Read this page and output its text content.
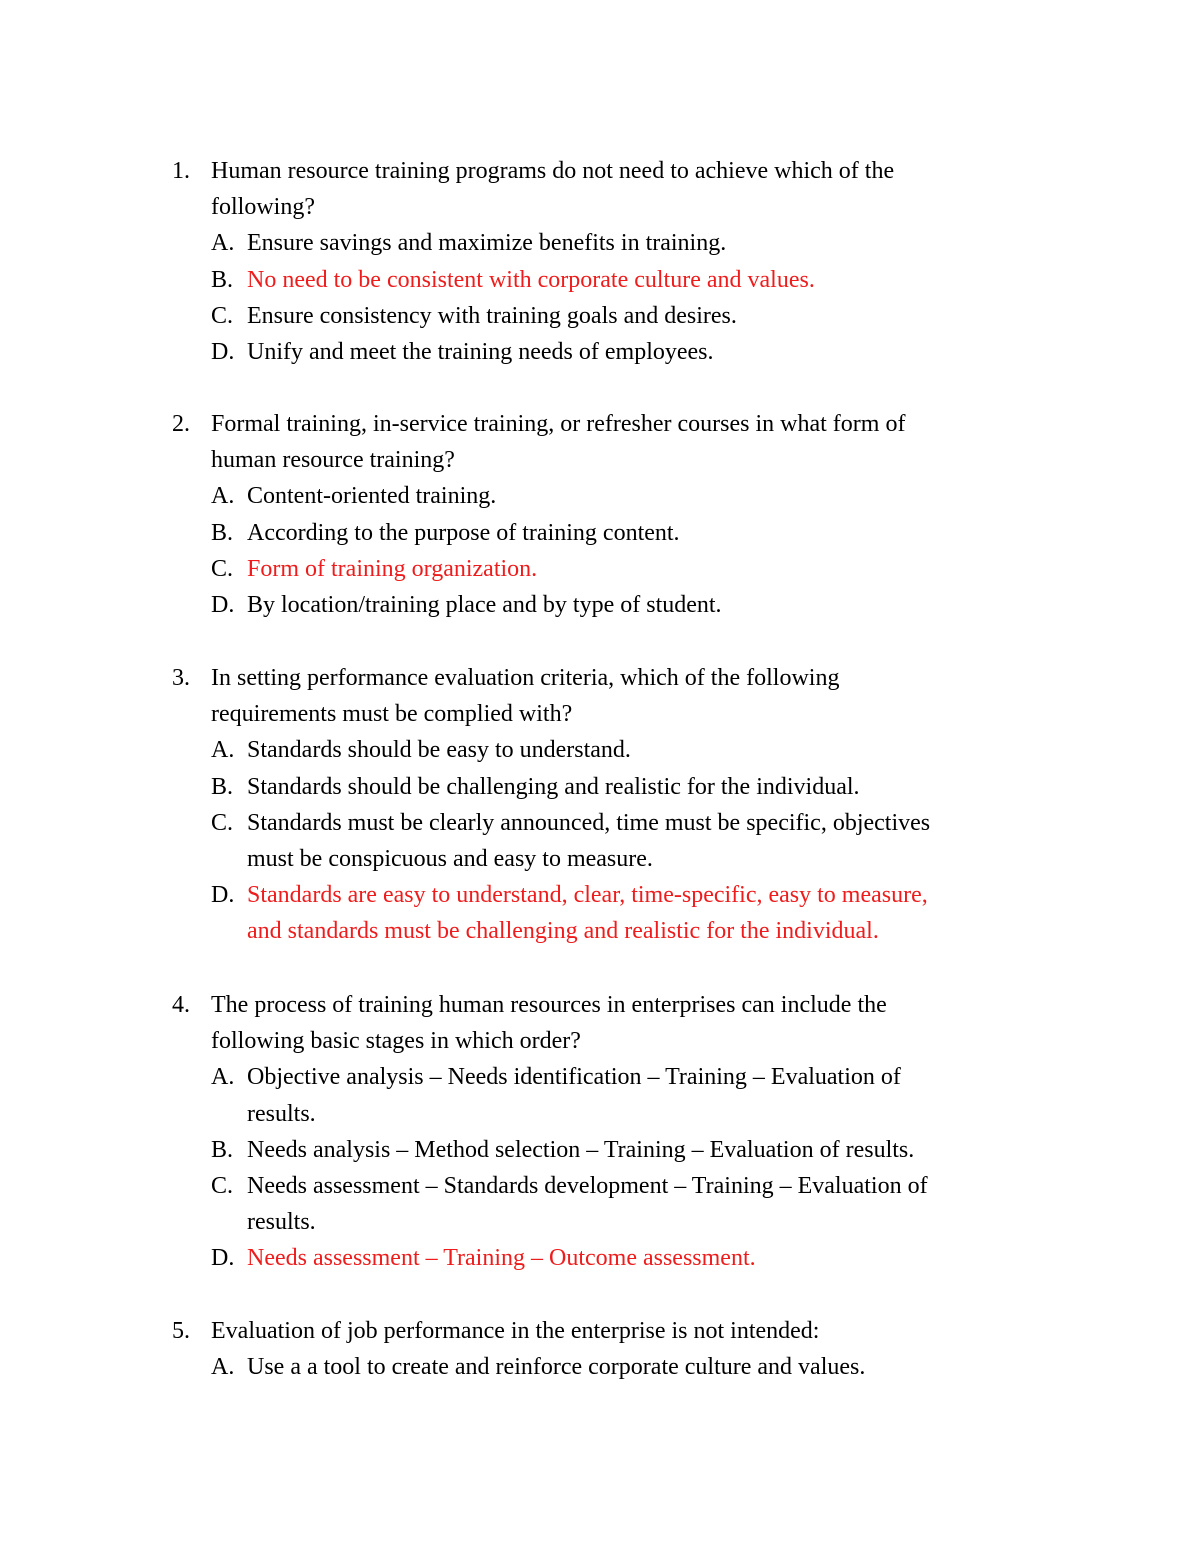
1. Human resource training programs do not need to achieve which of the
following?
A. Ensure savings and maximize benefits in training.
B. No need to be consistent with corporate culture and values.
C. Ensure consistency with training goals and desires.
D. Unify and meet the training needs of employees.
2. Formal training, in-service training, or refresher courses in what form of
human resource training?
A. Content-oriented training.
B. According to the purpose of training content.
C. Form of training organization.
D. By location/training place and by type of student.
3. In setting performance evaluation criteria, which of the following
requirements must be complied with?
A. Standards should be easy to understand.
B. Standards should be challenging and realistic for the individual.
C. Standards must be clearly announced, time must be specific, objectives
must be conspicuous and easy to measure.
D. Standards are easy to understand, clear, time-specific, easy to measure,
and standards must be challenging and realistic for the individual.
4. The process of training human resources in enterprises can include the
following basic stages in which order?
A. Objective analysis – Needs identification – Training – Evaluation of
results.
B. Needs analysis – Method selection – Training – Evaluation of results.
C. Needs assessment – Standards development – Training – Evaluation of
results.
D. Needs assessment – Training – Outcome assessment.
5. Evaluation of job performance in the enterprise is not intended:
A. Use a a tool to create and reinforce corporate culture and values.
